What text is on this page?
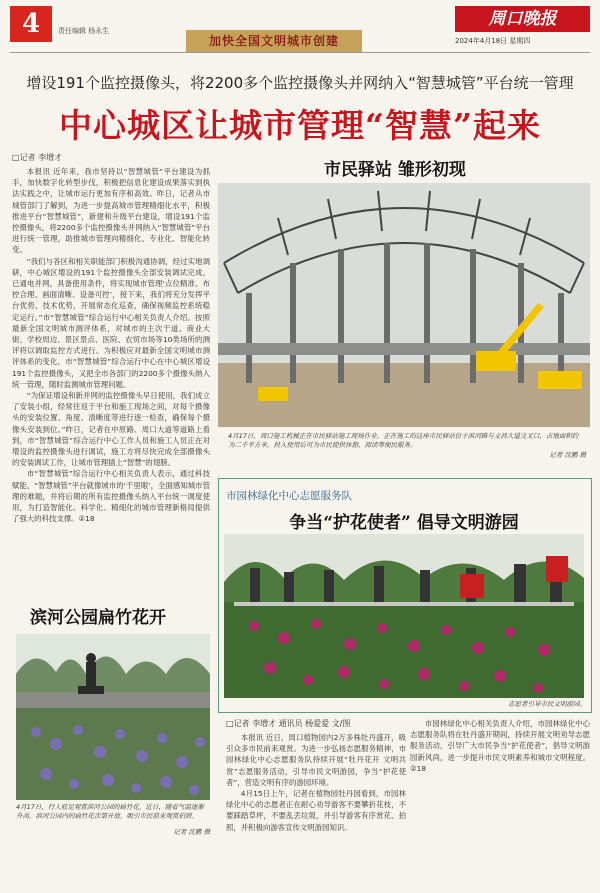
4	责任编辑 杨永生
加快全国文明城市创建
周口晚报
2024年4月18日 星期四
增设191个监控摄像头，将2200多个监控摄像头并网纳入“智慧城管”平台统一管理
中心城区让城市管理“智慧”起来
□记者 李增才

本报讯 近年来，我市坚持以“智慧城管”平台建设为抓手，加快数字化转型步伐，积极把信息化建设成果落实到执法实践之中，让城市运行更加有序和高效。昨日，记者从市城管部门了解到，为进一步提高城市管理精细化水平，积极推进平台“智慧城管”，新建和升级平台建设，增设191个监控摄像头，将2200多个监控摄像头并网纳入“智慧城管”平台进行统一管理，助推城市管理向精细化、专业化、智能化转变。

“我们与各区和相关职能部门积极沟通协调，经过实地调研，中心城区增设的191个监控摄像头全部安装调试完成，已通电并网，具备使用条件，将实现城市管理‘点位精准、布控合理、画面清晰、设备可控’，接下来，我们将充分发挥平台优势，技术优势，开展常态化巡查，确保视频监控系统稳定运行。”市“智慧城管”综合运行中心相关负责人介绍。按照最新全国文明城市测评体系，对城市的主次干道、商业大街、学校周边、景区景点、医院、农贸市场等10类场所的测评将以调取监控方式进行。为积极应对最新全国文明城市测评体系的变化，市“智慧城管”综合运行中心在中心城区增设191个监控摄像头，又把全市各部门的2200多个摄像头纳入统一管理，随时监测城市管理问题。

“为保证增设和新并网的监控摄像头早日使用，我们成立了安装小组，经常往返于平台和施工现场之间，对每个摄像头的安装位置、角度、清晰度等进行逐一检查，确保每个摄像头安装到位。”昨日，记者在中原路、周口大道等道路上看到，市“智慧城管”综合运行中心工作人员和施工人员正在对增设的监控摄像头进行调试，施工方将尽快完成全部摄像头的安装调试工作，让城市管理插上“智慧”的翅膀。

市“智慧城管”综合运行中心相关负责人表示，通过科技赋能，“智慧城管”平台就像城市的‘千里眼’，全面感知城市管理的难题，并将后期的所有监控摄像头纳入平台统一调度使用，为打造智能化、科学化、精细化的城市管理新格局提供了强大的科技支撑。②18

滨河公园扁竹花开
4月17日，行人驻足观赏滨河公园的扁竹花。近日，随着气温逐渐升高，滨河公园内的扁竹花次第开放，吸引市民前来观赏拍照。
记者 沈鹏 摄
市民驿站 雏形初现
4月17日，周口施工机械正在市民驿站施工现场作业。正在施工的这座市民驿站位于滨河路与文昌大道交叉口，占地面积约为二千平方米，投入使用后可为市民提供休憩、阅读等便民服务。
记者 沈鹏 摄
市园林绿化中心志愿服务队
争当“护花使者” 倡导文明游园
志愿者引导市民文明游园。
□记者 李增才 通讯员 杨爱爱 文/图

本报讯 近日，周口植物园内2万多株牡丹盛开，吸引众多市民前来观赏。为进一步弘扬志愿服务精神，市园林绿化中心志愿服务队持续开展“牡丹花开 文明共赏”志愿服务活动，引导市民文明游园，争当“护花使者”，营造文明有序的游园环境。

4月15日上午，记者在植物园牡丹园看到，市园林绿化中心的志愿者正在耐心劝导游客不要攀折花枝，不要踩踏草坪，不要乱丢垃圾，并引导游客有序赏花、拍照，并积极向游客宣传文明游园知识。

市园林绿化中心相关负责人介绍，市园林绿化中心志愿服务队将在牡丹盛开期间，持续开展文明劝导志愿服务活动，引导广大市民争当“护花使者”，倡导文明游园新风尚，进一步提升市民文明素养和城市文明程度。②18
